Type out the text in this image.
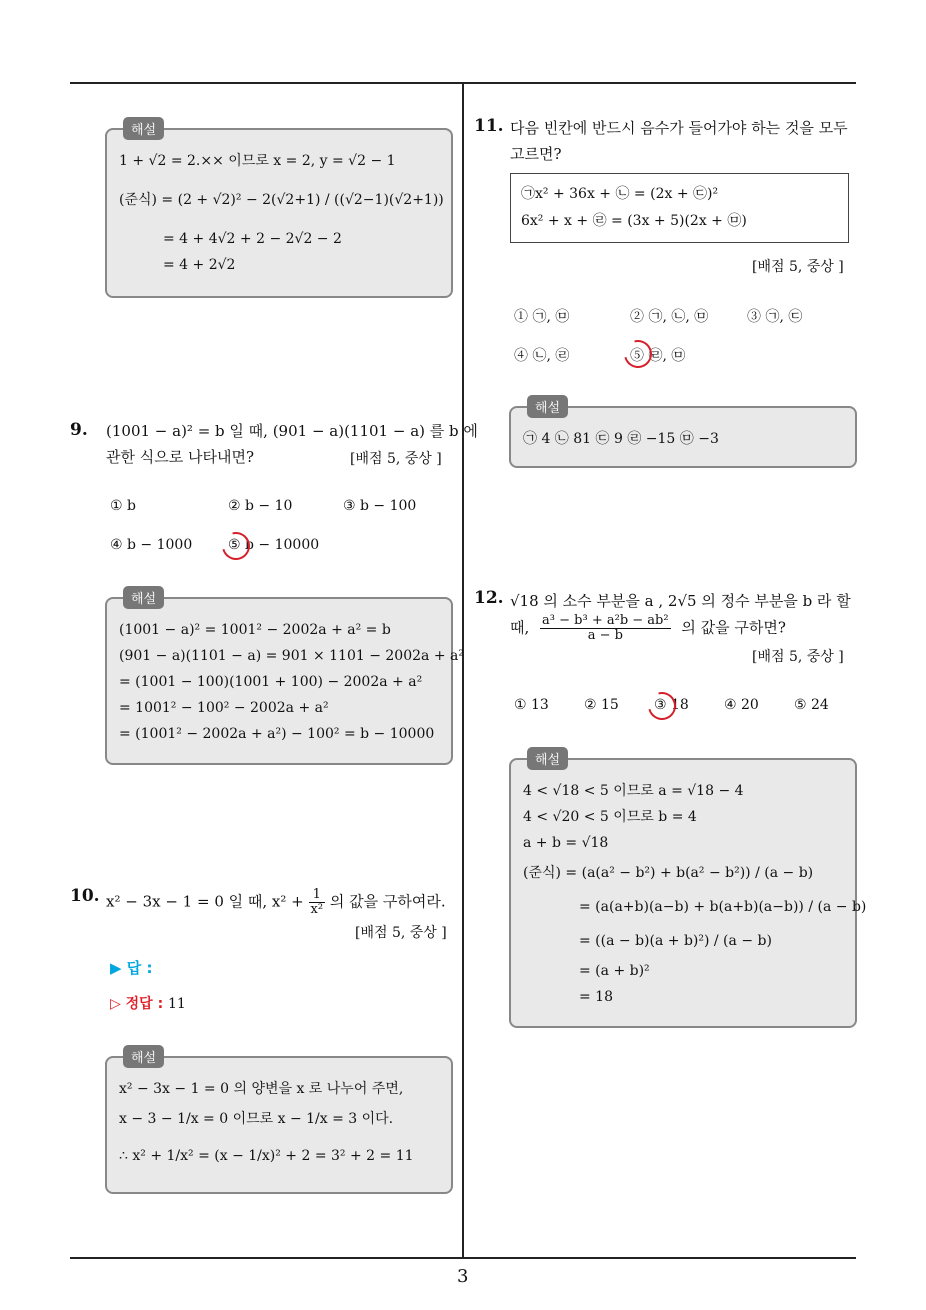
3
해설
1 + √2 = 2.×× 이므로 x = 2, y = √2 − 1
(준식) = (2 + √2)² − 2(√2+1) / ((√2−1)(√2+1))
= 4 + 4√2 + 2 − 2√2 − 2
= 4 + 2√2
9. (1001 − a)² = b 일 때, (901 − a)(1101 − a) 를 b 에
관한 식으로 나타내면?	[배점 5, 중상 ]
① b	② b − 10	③ b − 100
④ b − 1000	⑤ b − 10000
해설
(1001 − a)² = 1001² − 2002a + a² = b
(901 − a)(1101 − a) = 901 × 1101 − 2002a + a²
= (1001 − 100)(1001 + 100) − 2002a + a²
= 1001² − 100² − 2002a + a²
= (1001² − 2002a + a²) − 100² = b − 10000
10. x² − 3x − 1 = 0 일 때, $x^2 + \frac{1}{\text{x²}}$ 의 값을 구하여라.
[배점 5, 중상 ]
▶ 답 :
▷ 정답 : 11
해설
x² − 3x − 1 = 0 의 양변을 x 로 나누어 주면,
x − 3 − 1/x = 0 이므로 x − 1/x = 3 이다.
∴ x² + 1/x² = (x − 1/x)² + 2 = 3² + 2 = 11
11. 다음 빈칸에 반드시 음수가 들어가야 하는 것을 모두
고르면?
㉠x² + 36x + ㉡ = (2x + ㉢)²
6x² + x + ㉣ = (3x + 5)(2x + ㉤)
[배점 5, 중상 ]
① ㉠, ㉤	② ㉠, ㉡, ㉤	③ ㉠, ㉢
④ ㉡, ㉣	⑤ ㉣, ㉤
해설
㉠ 4 ㉡ 81 ㉢ 9 ㉣ −15 ㉤ −3
12. √18 의 소수 부분을 a , 2√5 의 정수 부분을 b 라 할
때, $\frac{\text{a³ − b³ + a²b − ab²}}{a - b}$ 의 값을 구하면?
[배점 5, 중상 ]
① 13	② 15	③ 18	④ 20	⑤ 24
해설
4 < √18 < 5 이므로 a = √18 − 4
4 < √20 < 5 이므로 b = 4
a + b = √18
(준식) = (a(a² − b²) + b(a² − b²)) / (a − b)
= (a(a+b)(a−b) + b(a+b)(a−b)) / (a − b)
= ((a − b)(a + b)²) / (a − b)
= (a + b)²
= 18
